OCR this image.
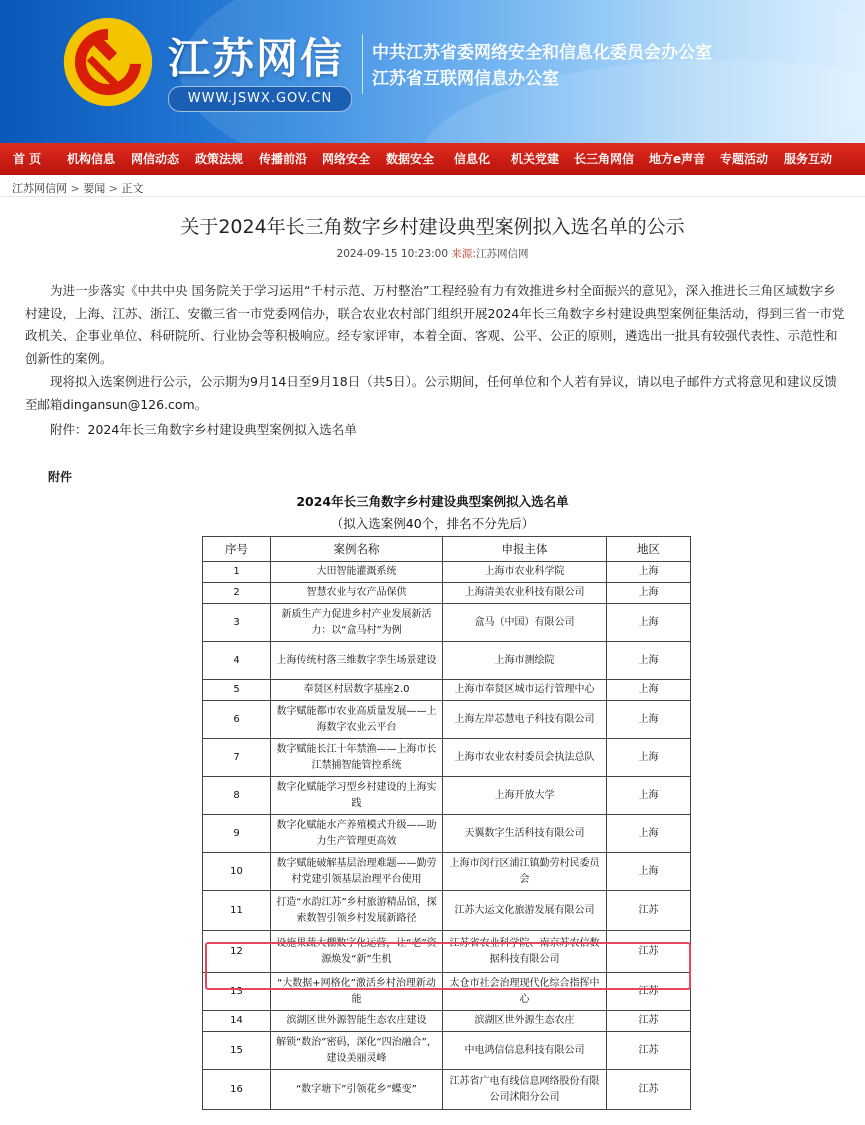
江苏网信
WWW.JSWX.GOV.CN
中共江苏省委网络安全和信息化委员会办公室
江苏省互联网信息办公室
首 页 机构信息 网信动态 政策法规 传播前沿 网络安全 数据安全 信息化 机关党建 长三角网信 地方e声音 专题活动 服务互动
江苏网信网 > 要闻 > 正文
关于2024年长三角数字乡村建设典型案例拟入选名单的公示
2024-09-15 10:23:00 来源:江苏网信网

为进一步落实《中共中央 国务院关于学习运用“千村示范、万村整治”工程经验有力有效推进乡村全面振兴的意见》，深入推进长三角区域数字乡村建设，上海、江苏、浙江、安徽三省一市党委网信办，联合农业农村部门组织开展2024年长三角数字乡村建设典型案例征集活动，得到三省一市党政机关、企事业单位、科研院所、行业协会等积极响应。经专家评审，本着全面、客观、公平、公正的原则，遴选出一批具有较强代表性、示范性和创新性的案例。

现将拟入选案例进行公示，公示期为9月14日至9月18日（共5日）。公示期间，任何单位和个人若有异议，请以电子邮件方式将意见和建议反馈至邮箱dingansun@126.com。

附件：2024年长三角数字乡村建设典型案例拟入选名单

附件
2024年长三角数字乡村建设典型案例拟入选名单
（拟入选案例40个，排名不分先后）
序号	案例名称	申报主体	地区
1	大田智能灌溉系统	上海市农业科学院	上海
2	智慧农业与农产品保供	上海清美农业科技有限公司	上海
3	新质生产力促进乡村产业发展新活力：以“盒马村”为例	盒马（中国）有限公司	上海
4	上海传统村落三维数字孪生场景建设	上海市测绘院	上海
5	奉贤区村居数字基座2.0	上海市奉贤区城市运行管理中心	上海
6	数字赋能都市农业高质量发展——上海数字农业云平台	上海左岸芯慧电子科技有限公司	上海
7	数字赋能长江十年禁渔——上海市长江禁捕智能管控系统	上海市农业农村委员会执法总队	上海
8	数字化赋能学习型乡村建设的上海实践	上海开放大学	上海
9	数字化赋能水产养殖模式升级——助力生产管理更高效	天翼数字生活科技有限公司	上海
10	数字赋能破解基层治理难题——勤劳村党建引领基层治理平台使用	上海市闵行区浦江镇勤劳村民委员会	上海
11	打造“水韵江苏”乡村旅游精品馆，探索数智引领乡村发展新路径	江苏大运文化旅游发展有限公司	江苏
12	设施果蔬大棚数字化运营，让“老”资源焕发“新”生机	江苏省农业科学院、南京苏农信数据科技有限公司	江苏
13	“大数据+网格化”激活乡村治理新动能	太仓市社会治理现代化综合指挥中心	江苏
14	滨湖区世外源智能生态农庄建设	滨湖区世外源生态农庄	江苏
15	解锁“数治”密码，深化“四治融合”，建设美丽灵峰	中电鸿信信息科技有限公司	江苏
16	“数字塘下”引领花乡“蝶变”	江苏省广电有线信息网络股份有限公司沭阳分公司	江苏
